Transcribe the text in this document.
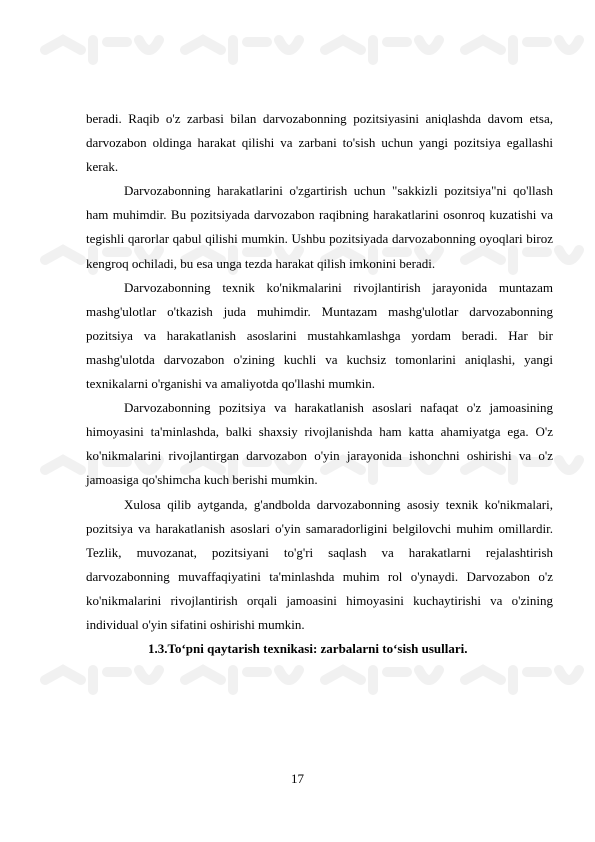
beradi. Raqib o'z zarbasi bilan darvozabonning pozitsiyasini aniqlashda davom etsa, darvozabon oldinga harakat qilishi va zarbani to'sish uchun yangi pozitsiya egallashi kerak.

Darvozabonning harakatlarini o'zgartirish uchun "sakkizli pozitsiya"ni qo'llash ham muhimdir. Bu pozitsiyada darvozabon raqibning harakatlarini osonroq kuzatishi va tegishli qarorlar qabul qilishi mumkin. Ushbu pozitsiyada darvozabonning oyoqlari biroz kengroq ochiladi, bu esa unga tezda harakat qilish imkonini beradi.

Darvozabonning texnik ko'nikmalarini rivojlantirish jarayonida muntazam mashg'ulotlar o'tkazish juda muhimdir. Muntazam mashg'ulotlar darvozabonning pozitsiya va harakatlanish asoslarini mustahkamlashga yordam beradi. Har bir mashg'ulotda darvozabon o'zining kuchli va kuchsiz tomonlarini aniqlashi, yangi texnikalarni o'rganishi va amaliyotda qo'llashi mumkin.

Darvozabonning pozitsiya va harakatlanish asoslari nafaqat o'z jamoasining himoyasini ta'minlashda, balki shaxsiy rivojlanishda ham katta ahamiyatga ega. O'z ko'nikmalarini rivojlantirgan darvozabon o'yin jarayonida ishonchni oshirishi va o'z jamoasiga qo'shimcha kuch berishi mumkin.

Xulosa qilib aytganda, g'andbolda darvozabonning asosiy texnik ko'nikmalari, pozitsiya va harakatlanish asoslari o'yin samaradorligini belgilovchi muhim omillardir. Tezlik, muvozanat, pozitsiyani to'g'ri saqlash va harakatlarni rejalashtirish darvozabonning muvaffaqiyatini ta'minlashda muhim rol o'ynaydi. Darvozabon o'z ko'nikmalarini rivojlantirish orqali jamoasini himoyasini kuchaytirishi va o'zining individual o'yin sifatini oshirishi mumkin.

1.3.To‘pni qaytarish texnikasi: zarbalarni to‘sish usullari.

17
